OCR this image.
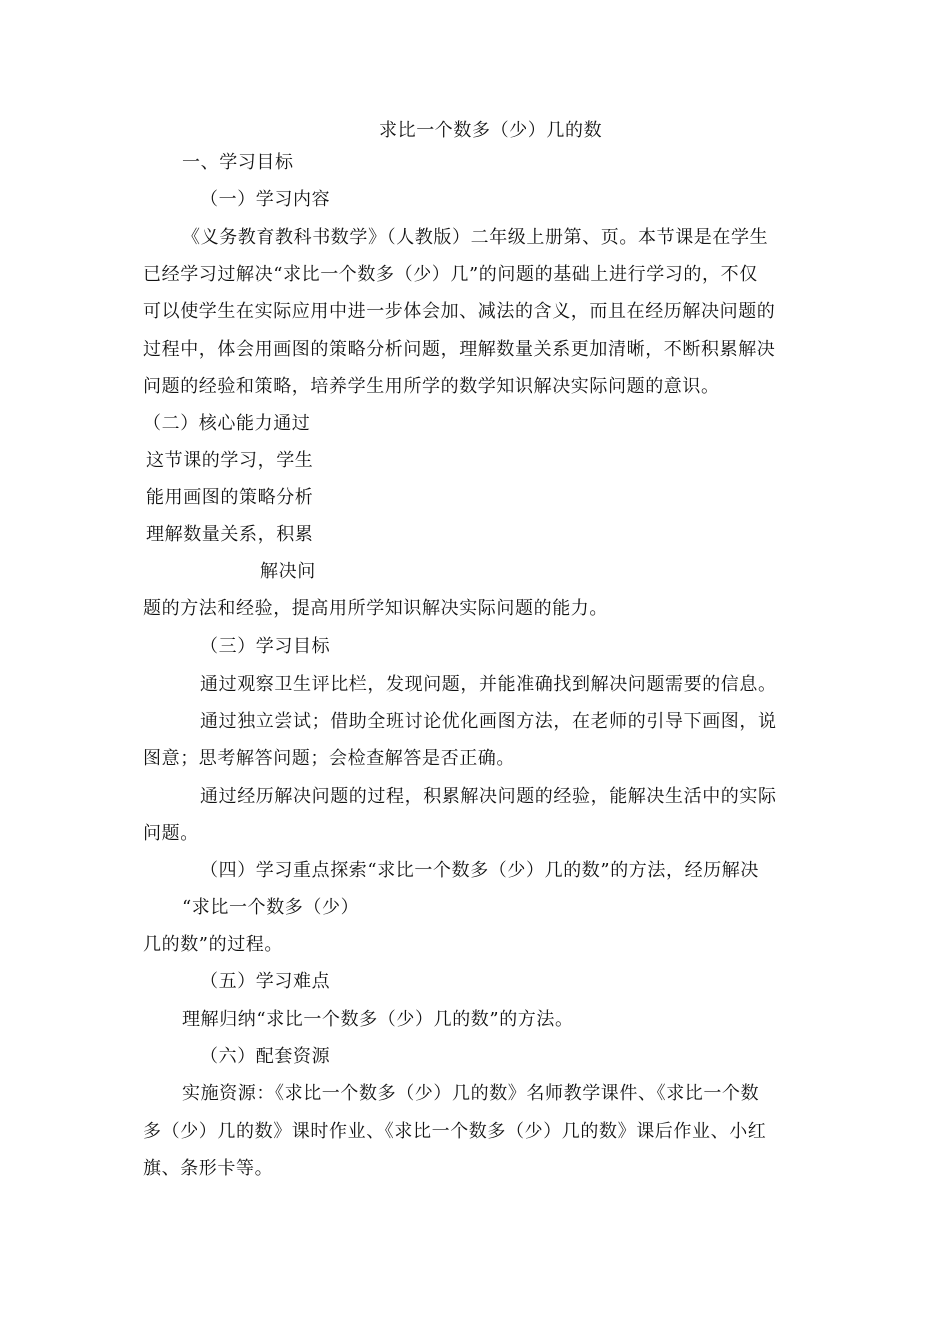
求比一个数多（少）几的数
一、学习目标
（一）学习内容
《义务教育教科书数学》（人教版）二年级上册第、页。本节课是在学生
已经学习过解决“求比一个数多（少）几”的问题的基础上进行学习的，不仅
可以使学生在实际应用中进一步体会加、减法的含义，而且在经历解决问题的
过程中，体会用画图的策略分析问题，理解数量关系更加清晰，不断积累解决
问题的经验和策略，培养学生用所学的数学知识解决实际问题的意识。
（二）核心能力通过
这节课的学习，学生
能用画图的策略分析
理解数量关系，积累
解决问
题的方法和经验，提高用所学知识解决实际问题的能力。
（三）学习目标
通过观察卫生评比栏，发现问题，并能准确找到解决问题需要的信息。
通过独立尝试；借助全班讨论优化画图方法，在老师的引导下画图，说
图意；思考解答问题；会检查解答是否正确。
通过经历解决问题的过程，积累解决问题的经验，能解决生活中的实际
问题。
（四）学习重点探索“求比一个数多（少）几的数”的方法，经历解决
“求比一个数多（少）
几的数”的过程。
（五）学习难点
理解归纳“求比一个数多（少）几的数”的方法。
（六）配套资源
实施资源：《求比一个数多（少）几的数》名师教学课件、《求比一个数
多（少）几的数》课时作业、《求比一个数多（少）几的数》课后作业、小红
旗、条形卡等。
